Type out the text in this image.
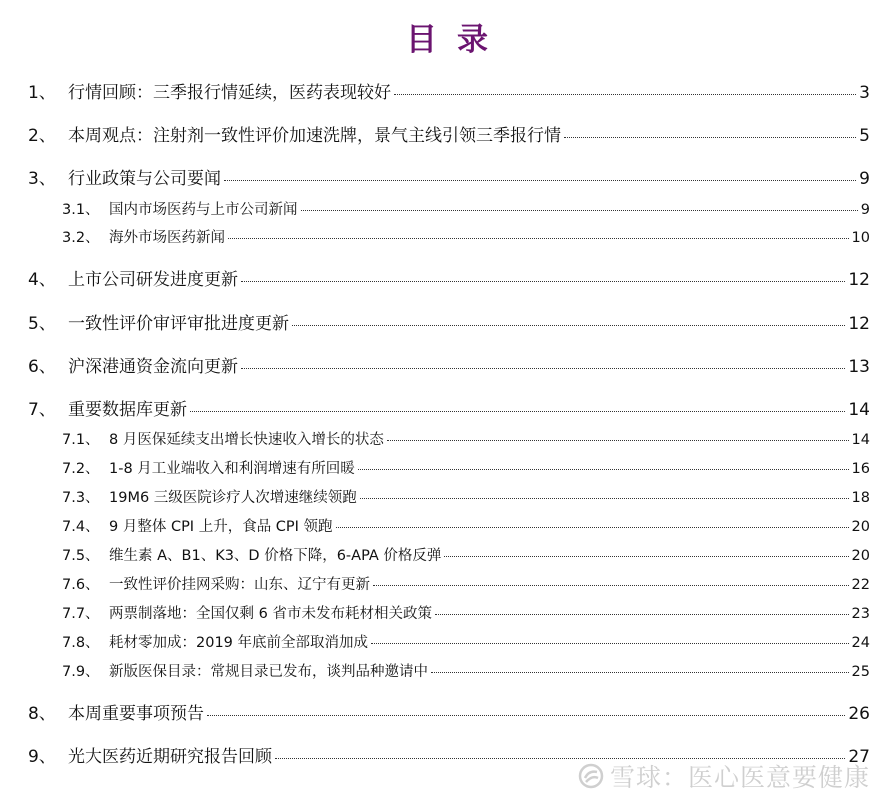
目录
1、 行情回顾：三季报行情延续，医药表现较好	3
2、 本周观点：注射剂一致性评价加速洗牌，景气主线引领三季报行情	5
3、 行业政策与公司要闻	9
3.1、 国内市场医药与上市公司新闻	9
3.2、 海外市场医药新闻	10
4、 上市公司研发进度更新	12
5、 一致性评价审评审批进度更新	12
6、 沪深港通资金流向更新	13
7、 重要数据库更新	14
7.1、 8 月医保延续支出增长快速收入增长的状态	14
7.2、 1-8 月工业端收入和利润增速有所回暖	16
7.3、 19M6 三级医院诊疗人次增速继续领跑	18
7.4、 9 月整体 CPI 上升，食品 CPI 领跑	20
7.5、 维生素 A、B1、K3、D 价格下降，6-APA 价格反弹	20
7.6、 一致性评价挂网采购：山东、辽宁有更新	22
7.7、 两票制落地：全国仅剩 6 省市未发布耗材相关政策	23
7.8、 耗材零加成：2019 年底前全部取消加成	24
7.9、 新版医保目录：常规目录已发布，谈判品种邀请中	25
8、 本周重要事项预告	26
9、 光大医药近期研究报告回顾	27
雪球：医心医意要健康
